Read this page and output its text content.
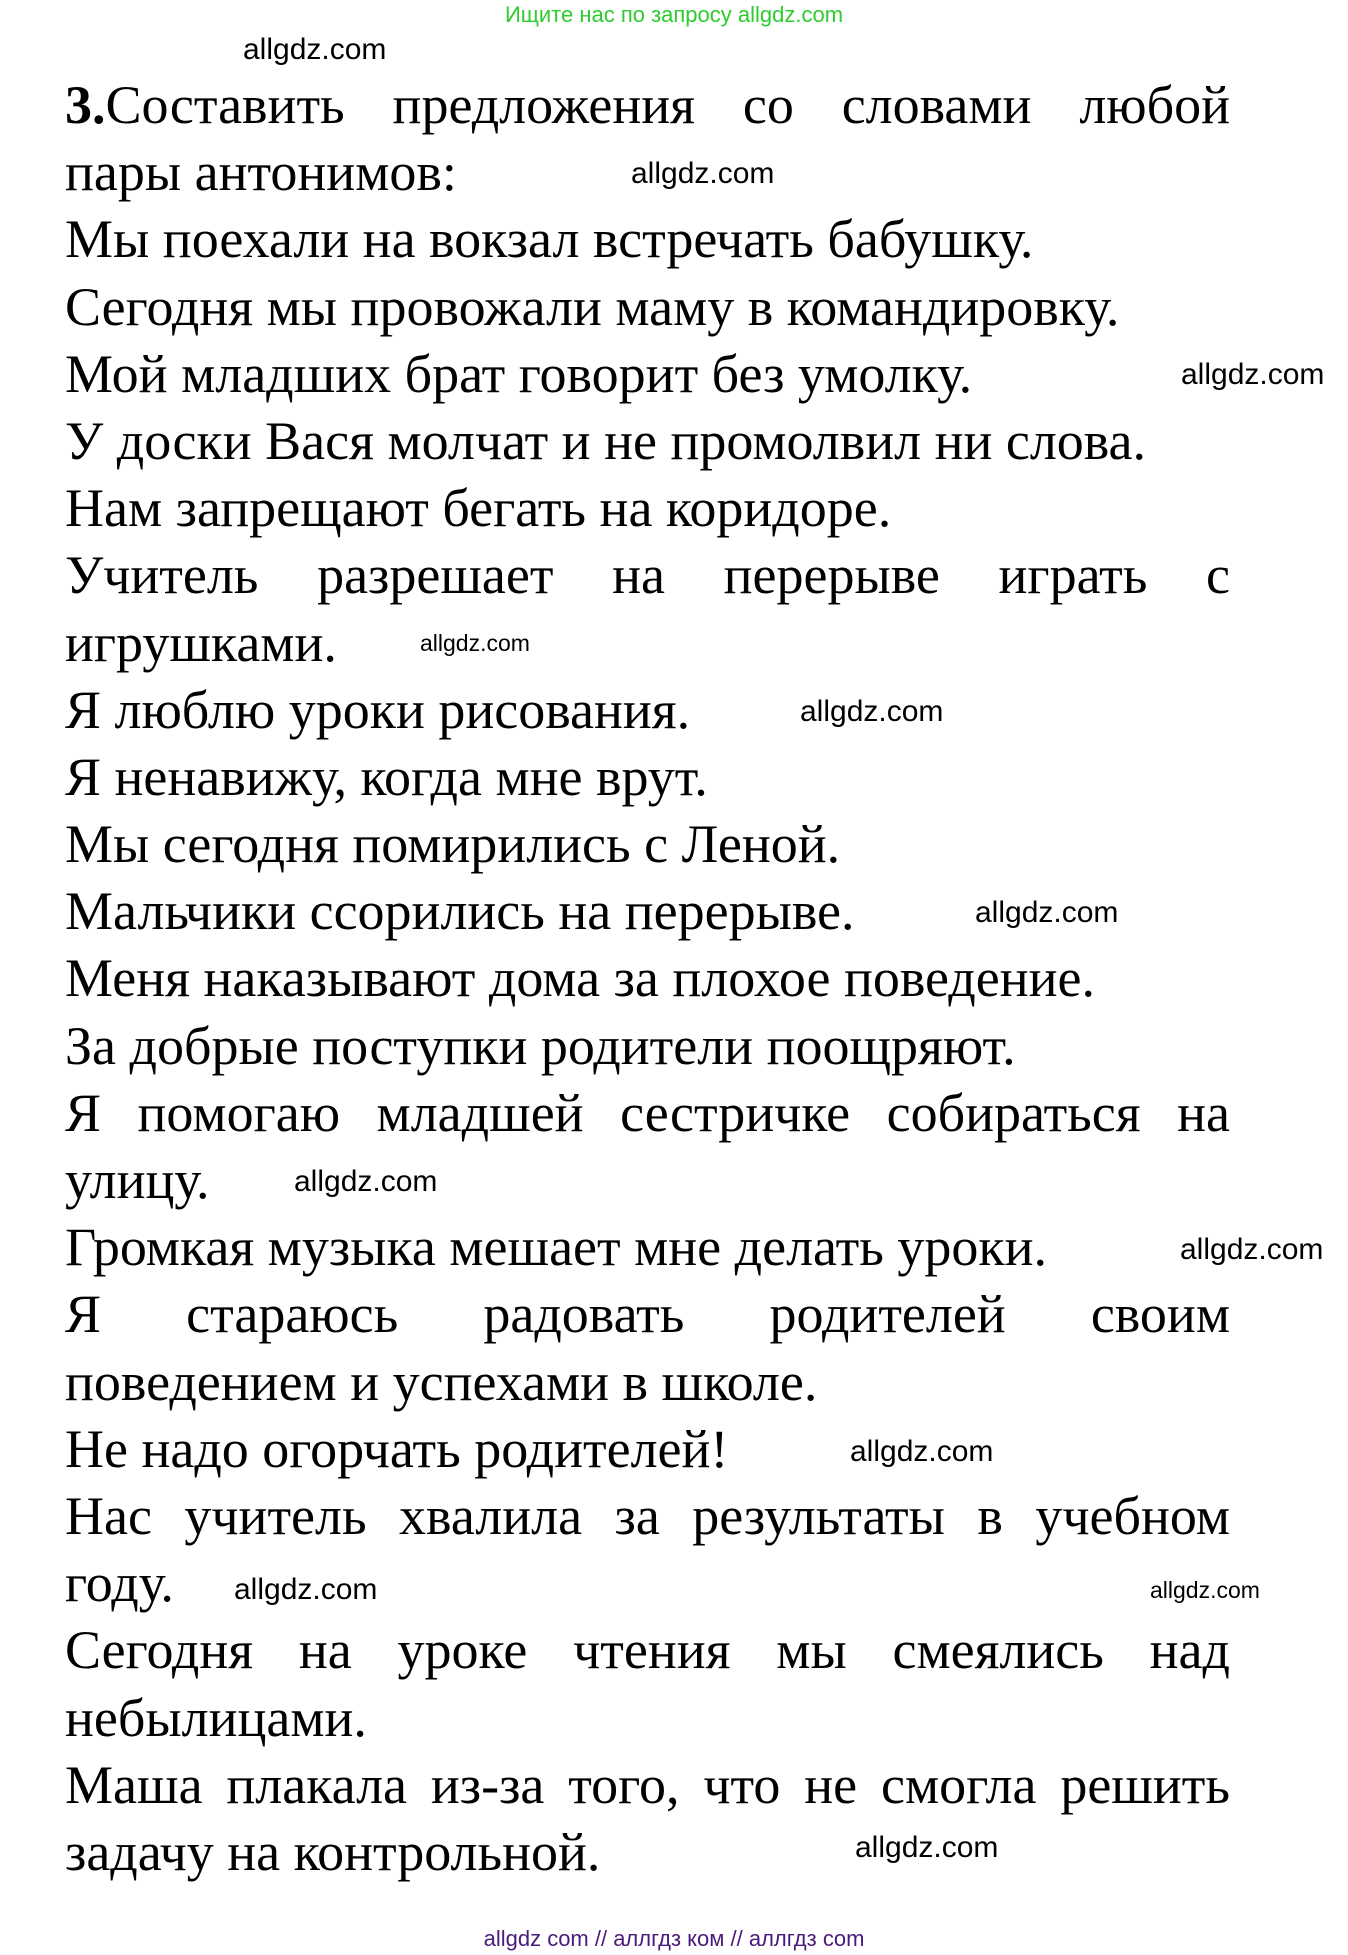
Ищите нас по запросу allgdz.com
3.Составить предложения со словами любой
пары антонимов:
Мы поехали на вокзал встречать бабушку.
Сегодня мы провожали маму в командировку.
Мой младших брат говорит без умолку.
У доски Вася молчат и не промолвил ни слова.
Нам запрещают бегать на коридоре.
Учитель разрешает на перерыве играть с
игрушками.
Я люблю уроки рисования.
Я ненавижу, когда мне врут.
Мы сегодня помирились с Леной.
Мальчики ссорились на перерыве.
Меня наказывают дома за плохое поведение.
За добрые поступки родители поощряют.
Я помогаю младшей сестричке собираться на
улицу.
Громкая музыка мешает мне делать уроки.
Я стараюсь радовать родителей своим
поведением и успехами в школе.
Не надо огорчать родителей!
Нас учитель хвалила за результаты в учебном
году.
Сегодня на уроке чтения мы смеялись над
небылицами.
Маша плакала из-за того, что не смогла решить
задачу на контрольной.
allgdz.com
allgdz.com
allgdz.com
allgdz.com
allgdz.com
allgdz.com
allgdz.com
allgdz.com
allgdz.com
allgdz.com
allgdz.com
allgdz.com
allgdz com // аллгдз ком // аллгдз com
